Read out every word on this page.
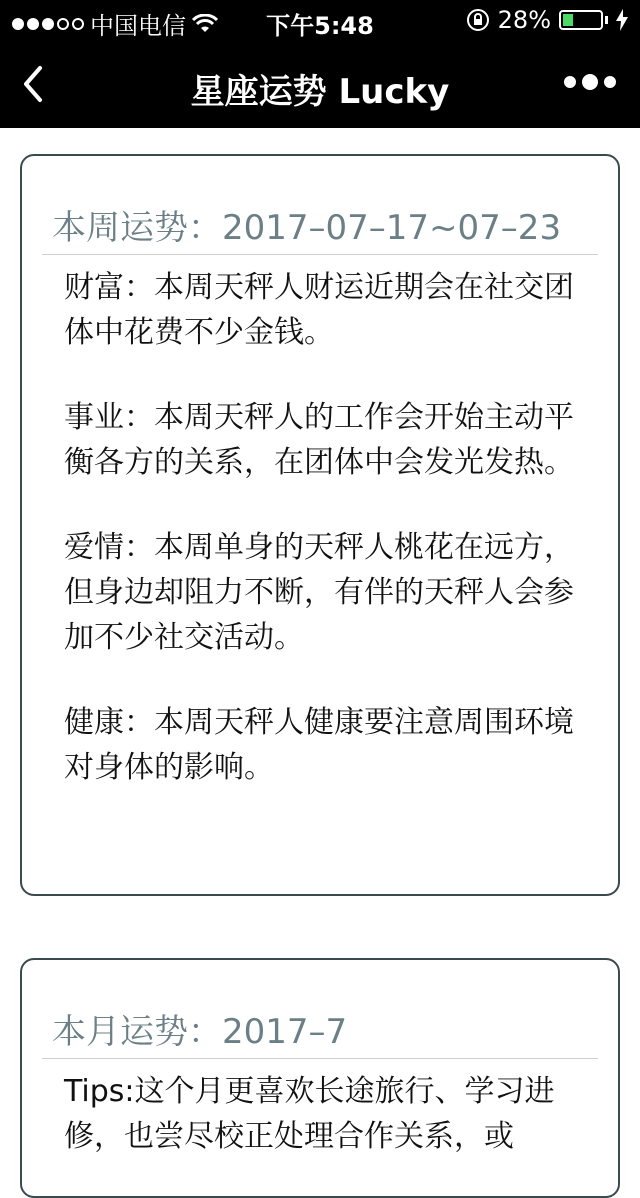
中国电信	下午5:48	28%
星座运势 Lucky
本周运势：2017–07–17~07–23

财富：本周天秤人财运近期会在社交团体中花费不少金钱。

事业：本周天秤人的工作会开始主动平衡各方的关系，在团体中会发光发热。

爱情：本周单身的天秤人桃花在远方，但身边却阻力不断，有伴的天秤人会参加不少社交活动。

健康：本周天秤人健康要注意周围环境对身体的影响。

本月运势：2017–7

Tips:这个月更喜欢长途旅行、学习进修，也尝尽校正处理合作关系，或
